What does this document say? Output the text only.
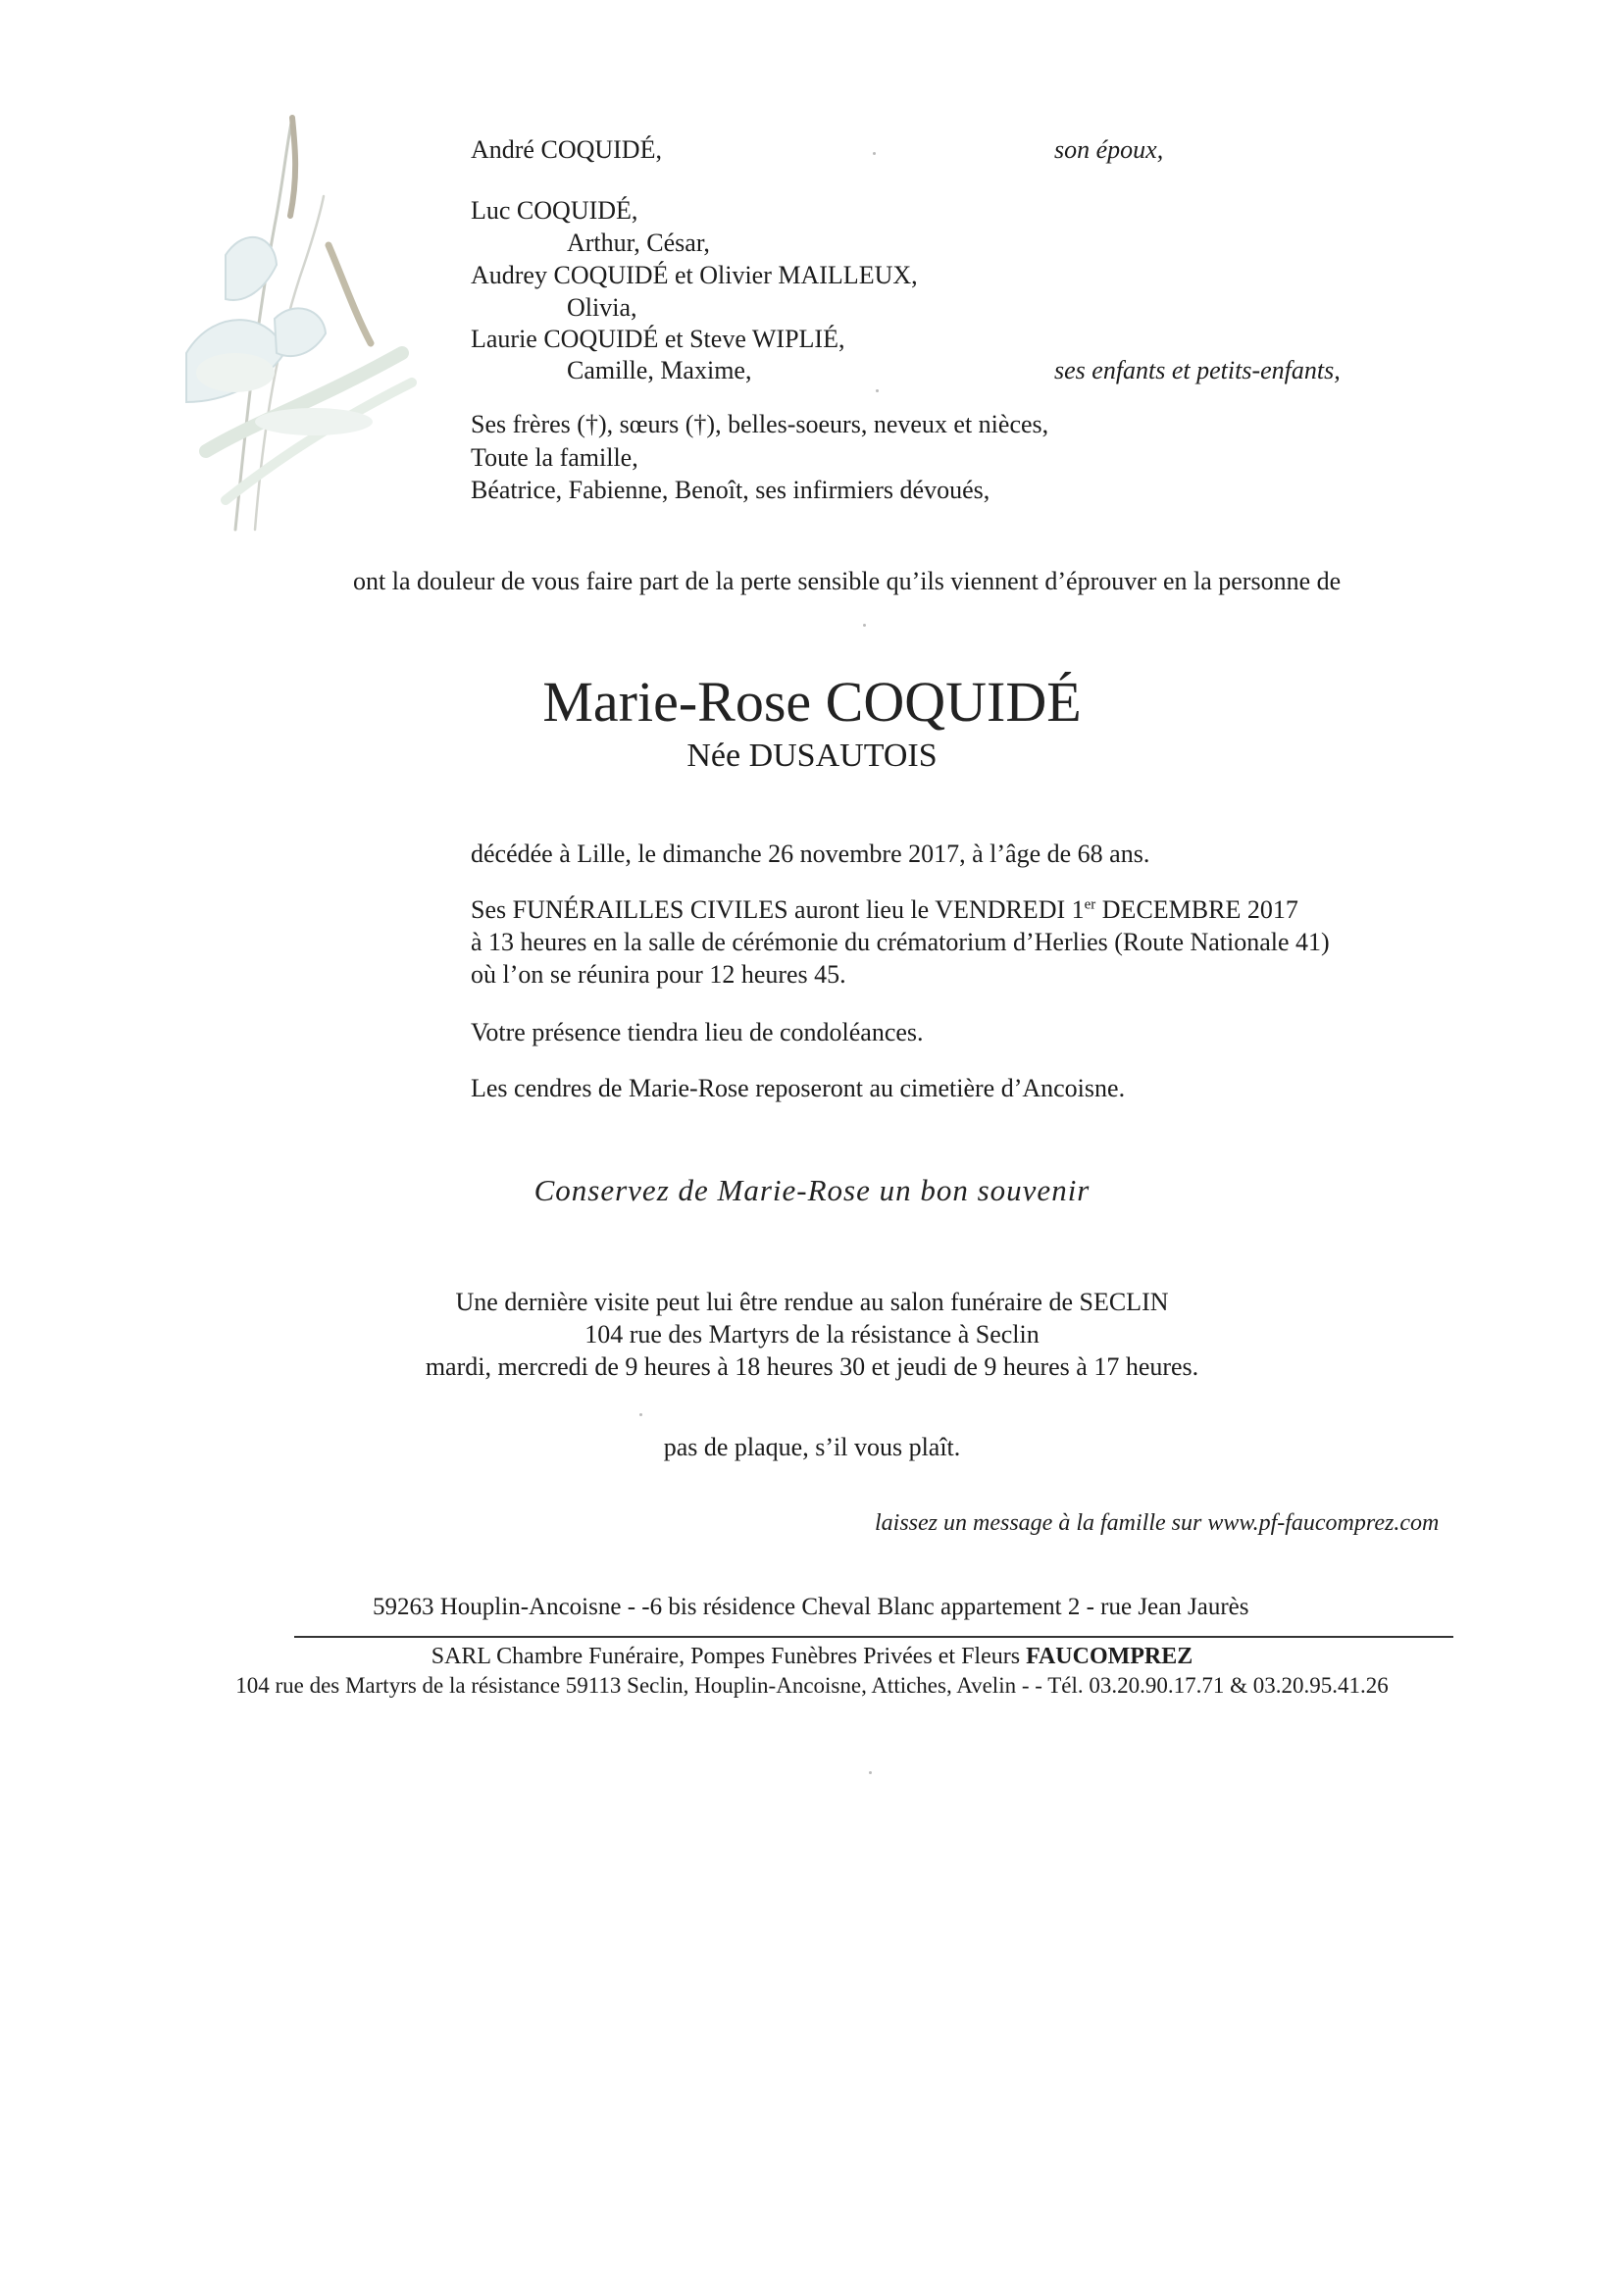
André COQUIDÉ,	son époux,
Luc COQUIDÉ,
Arthur, César,
Audrey COQUIDÉ et Olivier MAILLEUX,
Olivia,
Laurie COQUIDÉ et Steve WIPLIÉ,
Camille, Maxime,	ses enfants et petits-enfants,
Ses frères (†), sœurs (†), belles-soeurs, neveux et nièces,
Toute la famille,
Béatrice, Fabienne, Benoît, ses infirmiers dévoués,
ont la douleur de vous faire part de la perte sensible qu’ils viennent d’éprouver en la personne de
Marie-Rose COQUIDÉ
Née DUSAUTOIS
décédée à Lille, le dimanche 26 novembre 2017, à l’âge de 68 ans.
Ses FUNÉRAILLES CIVILES auront lieu le VENDREDI 1er DECEMBRE 2017
à 13 heures en la salle de cérémonie du crématorium d’Herlies (Route Nationale 41)
où l’on se réunira pour 12 heures 45.
Votre présence tiendra lieu de condoléances.
Les cendres de Marie-Rose reposeront au cimetière d’Ancoisne.
Conservez de Marie-Rose un bon souvenir
Une dernière visite peut lui être rendue au salon funéraire de SECLIN
104 rue des Martyrs de la résistance à Seclin
mardi, mercredi de 9 heures à 18 heures 30 et jeudi de 9 heures à 17 heures.
pas de plaque, s’il vous plaît.
laissez un message à la famille sur www.pf-faucomprez.com
59263 Houplin-Ancoisne - -6 bis résidence Cheval Blanc appartement 2 - rue Jean Jaurès
SARL Chambre Funéraire, Pompes Funèbres Privées et Fleurs FAUCOMPREZ
104 rue des Martyrs de la résistance 59113 Seclin, Houplin-Ancoisne, Attiches, Avelin - - Tél. 03.20.90.17.71 & 03.20.95.41.26
